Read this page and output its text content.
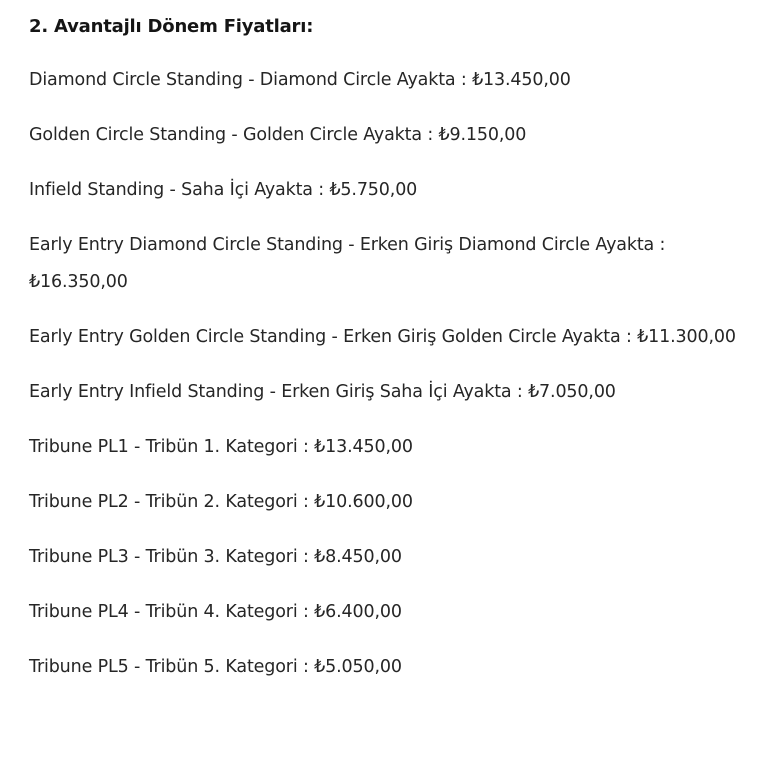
2. Avantajlı Dönem Fiyatları:
Diamond Circle Standing - Diamond Circle Ayakta : ₺13.450,00
Golden Circle Standing - Golden Circle Ayakta : ₺9.150,00
Infield Standing - Saha İçi Ayakta : ₺5.750,00
Early Entry Diamond Circle Standing - Erken Giriş Diamond Circle Ayakta : ₺16.350,00
Early Entry Golden Circle Standing - Erken Giriş Golden Circle Ayakta : ₺11.300,00
Early Entry Infield Standing - Erken Giriş Saha İçi Ayakta : ₺7.050,00
Tribune PL1 - Tribün 1. Kategori : ₺13.450,00
Tribune PL2 - Tribün 2. Kategori : ₺10.600,00
Tribune PL3 - Tribün 3. Kategori : ₺8.450,00
Tribune PL4 - Tribün 4. Kategori : ₺6.400,00
Tribune PL5 - Tribün 5. Kategori : ₺5.050,00
